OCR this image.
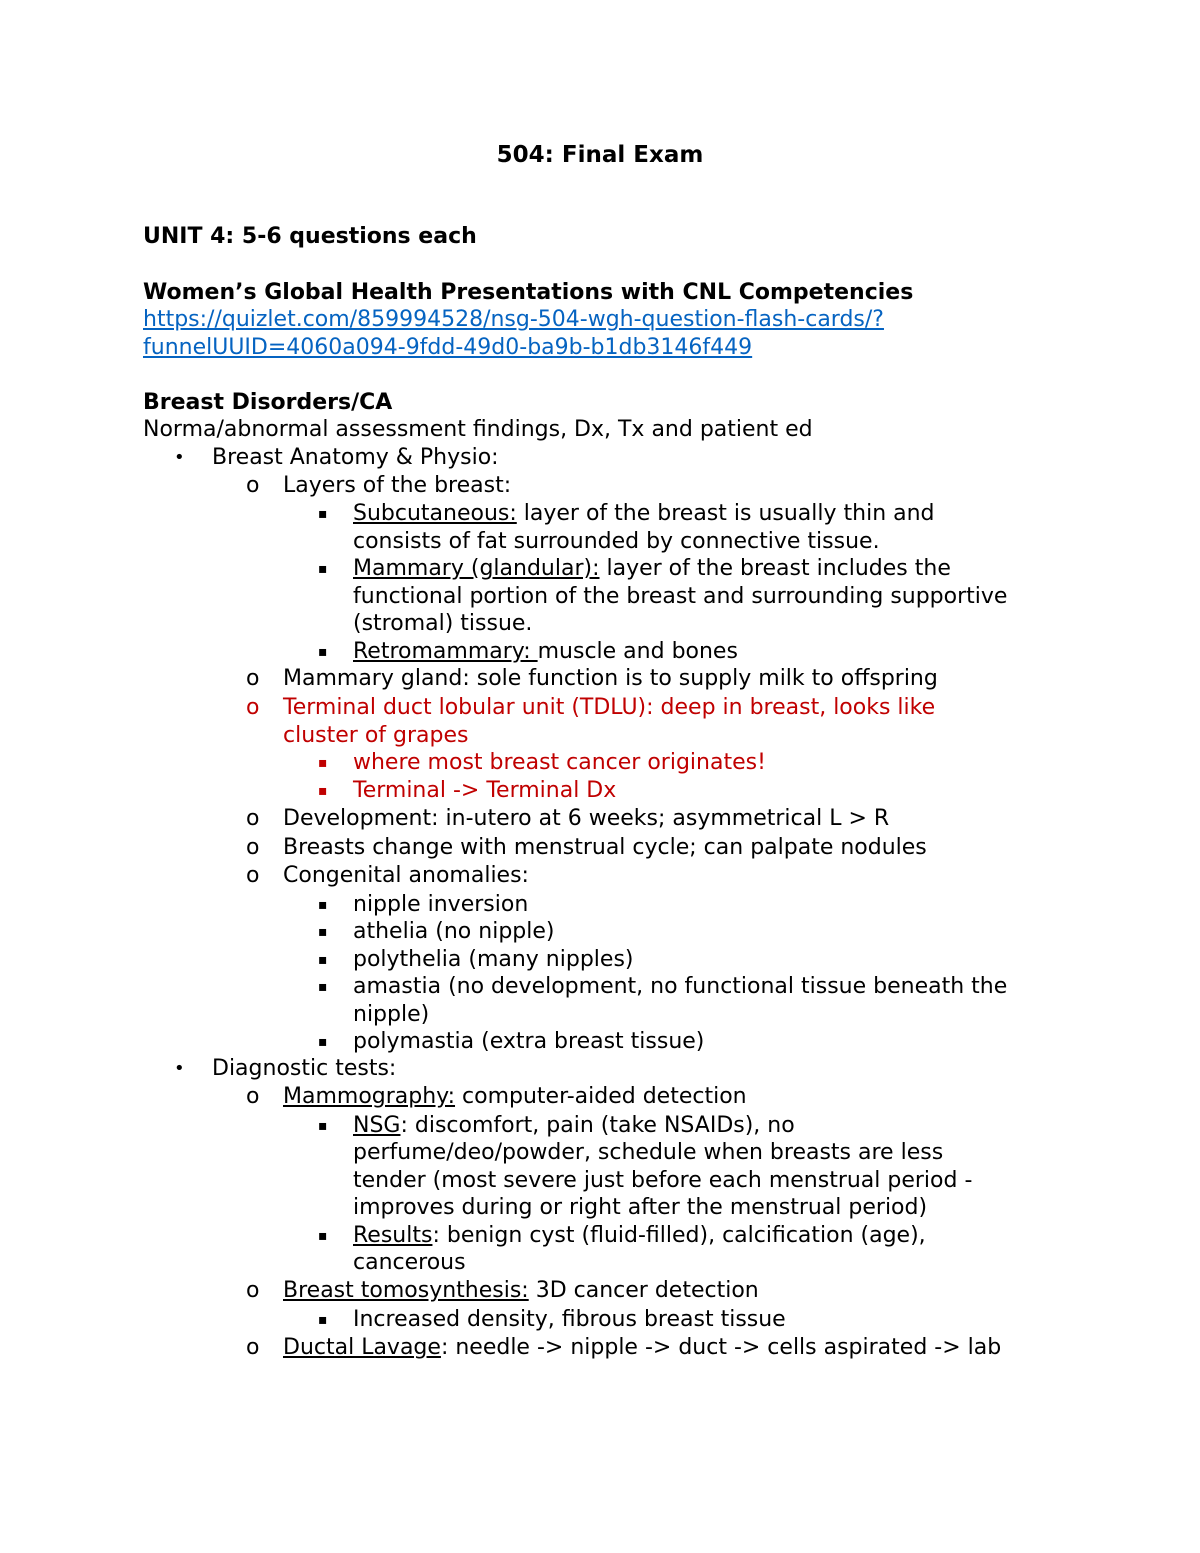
504: Final Exam
UNIT 4: 5-6 questions each
Women’s Global Health Presentations with CNL Competencies
https://quizlet.com/859994528/nsg-504-wgh-question-flash-cards/?
funnelUUID=4060a094-9fdd-49d0-ba9b-b1db3146f449
Breast Disorders/CA
Norma/abnormal assessment findings, Dx, Tx and patient ed
• Breast Anatomy & Physio:
o Layers of the breast:
▪ Subcutaneous: layer of the breast is usually thin and
consists of fat surrounded by connective tissue.
▪ Mammary (glandular): layer of the breast includes the
functional portion of the breast and surrounding supportive
(stromal) tissue.
▪ Retromammary: muscle and bones
o Mammary gland: sole function is to supply milk to offspring
o Terminal duct lobular unit (TDLU): deep in breast, looks like
cluster of grapes
▪ where most breast cancer originates!
▪ Terminal -> Terminal Dx
o Development: in-utero at 6 weeks; asymmetrical L > R
o Breasts change with menstrual cycle; can palpate nodules
o Congenital anomalies:
▪ nipple inversion
▪ athelia (no nipple)
▪ polythelia (many nipples)
▪ amastia (no development, no functional tissue beneath the
nipple)
▪ polymastia (extra breast tissue)
• Diagnostic tests:
o Mammography: computer-aided detection
▪ NSG: discomfort, pain (take NSAIDs), no
perfume/deo/powder, schedule when breasts are less
tender (most severe just before each menstrual period -
improves during or right after the menstrual period)
▪ Results: benign cyst (fluid-filled), calcification (age),
cancerous
o Breast tomosynthesis: 3D cancer detection
▪ Increased density, fibrous breast tissue
o Ductal Lavage: needle -> nipple -> duct -> cells aspirated -> lab
